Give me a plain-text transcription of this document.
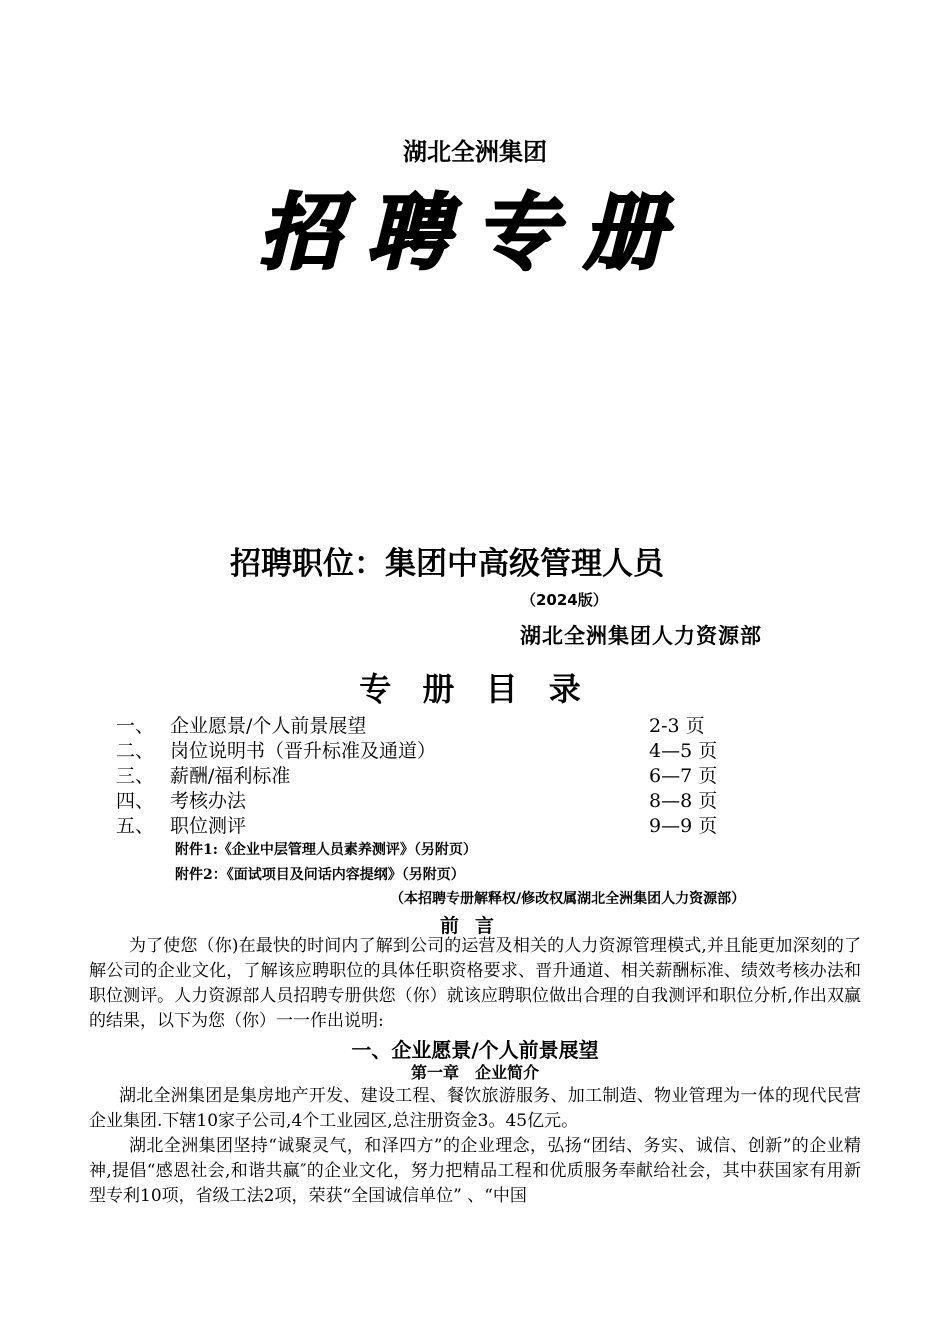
湖北全洲集团
招聘专册
招聘职位：集团中高级管理人员
（2024版）
湖北全洲集团人力资源部
专 册 目 录
一、 企业愿景/个人前景展望	2-3 页
二、 岗位说明书（晋升标准及通道）	4—5 页
三、 薪酬/福利标准	6—7 页
四、 考核办法	8—8 页
五、 职位测评	9—9 页
附件1:《企业中层管理人员素养测评》（另附页）
附件2：《面试项目及问话内容提纲》（另附页）
（本招聘专册解释权/修改权属湖北全洲集团人力资源部）
前言
为了使您（你)在最快的时间内了解到公司的运营及相关的人力资源管理模式,并且能更加深刻的了解公司的企业文化，了解该应聘职位的具体任职资格要求、晋升通道、相关薪酬标准、绩效考核办法和职位测评。人力资源部人员招聘专册供您（你）就该应聘职位做出合理的自我测评和职位分析,作出双赢的结果，以下为您（你）一一作出说明:
一、企业愿景/个人前景展望
第一章　企业简介
湖北全洲集团是集房地产开发、建设工程、餐饮旅游服务、加工制造、物业管理为一体的现代民营企业集团.下辖10家子公司,4个工业园区,总注册资金3。45亿元。
湖北全洲集团坚持“诚聚灵气，和泽四方”的企业理念，弘扬“团结、务实、诚信、创新”的企业精神,提倡“感恩社会,和谐共赢″的企业文化，努力把精品工程和优质服务奉献给社会，其中获国家有用新型专利10项，省级工法2项，荣获“全国诚信单位” 、“中国
